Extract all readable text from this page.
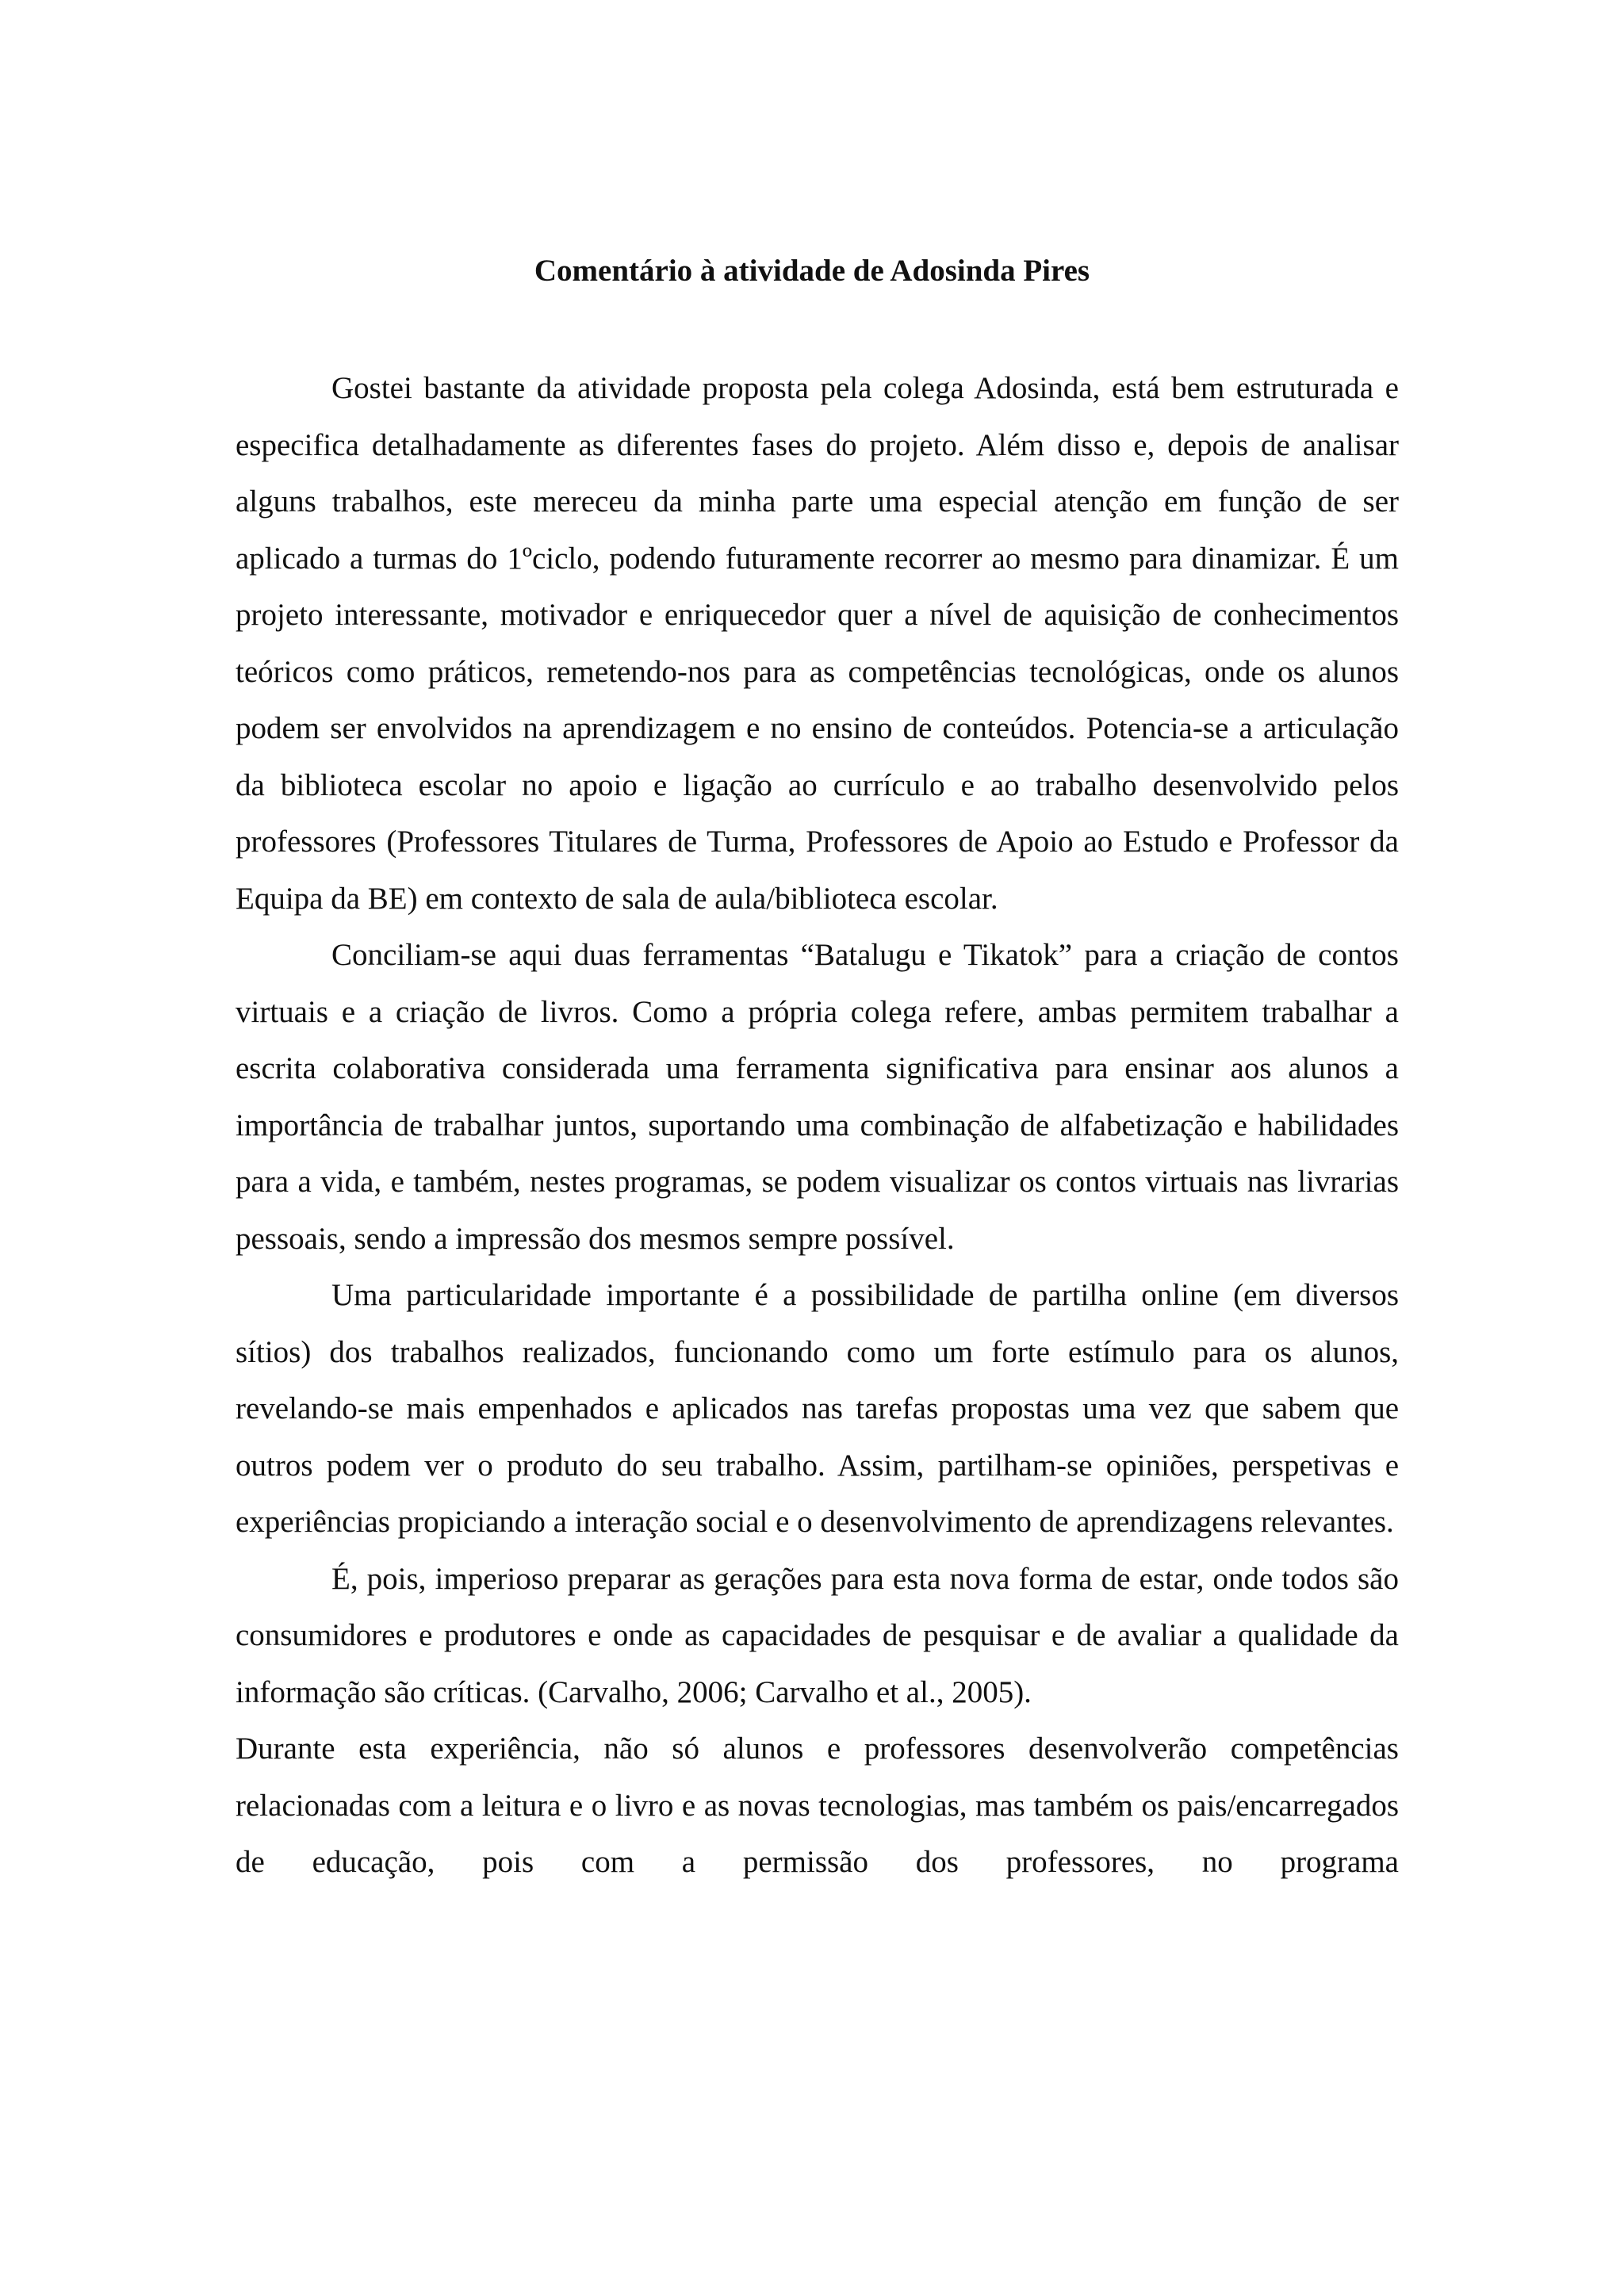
Comentário à atividade de Adosinda Pires

Gostei bastante da atividade proposta pela colega Adosinda, está bem estruturada e especifica detalhadamente as diferentes fases do projeto. Além disso e, depois de analisar alguns trabalhos, este mereceu da minha parte uma especial atenção em função de ser aplicado a turmas do 1ºciclo, podendo futuramente recorrer ao mesmo para dinamizar. É um projeto interessante, motivador e enriquecedor quer a nível de aquisição de conhecimentos teóricos como práticos, remetendo-nos para as competências tecnológicas, onde os alunos podem ser envolvidos na aprendizagem e no ensino de conteúdos. Potencia-se a articulação da biblioteca escolar no apoio e ligação ao currículo e ao trabalho desenvolvido pelos professores (Professores Titulares de Turma, Professores de Apoio ao Estudo e Professor da Equipa da BE) em contexto de sala de aula/biblioteca escolar.

Conciliam-se aqui duas ferramentas “Batalugu e Tikatok” para a criação de contos virtuais e a criação de livros. Como a própria colega refere, ambas permitem trabalhar a escrita colaborativa considerada uma ferramenta significativa para ensinar aos alunos a importância de trabalhar juntos, suportando uma combinação de alfabetização e habilidades para a vida, e também, nestes programas, se podem visualizar os contos virtuais nas livrarias pessoais, sendo a impressão dos mesmos sempre possível.

Uma particularidade importante é a possibilidade de partilha online (em diversos sítios) dos trabalhos realizados, funcionando como um forte estímulo para os alunos, revelando-se mais empenhados e aplicados nas tarefas propostas uma vez que sabem que outros podem ver o produto do seu trabalho. Assim, partilham-se opiniões, perspetivas e experiências propiciando a interação social e o desenvolvimento de aprendizagens relevantes.

É, pois, imperioso preparar as gerações para esta nova forma de estar, onde todos são consumidores e produtores e onde as capacidades de pesquisar e de avaliar a qualidade da informação são críticas. (Carvalho, 2006; Carvalho et al., 2005).

Durante esta experiência, não só alunos e professores desenvolverão competências relacionadas com a leitura e o livro e as novas tecnologias, mas também os pais/encarregados de educação, pois com a permissão dos professores, no programa
